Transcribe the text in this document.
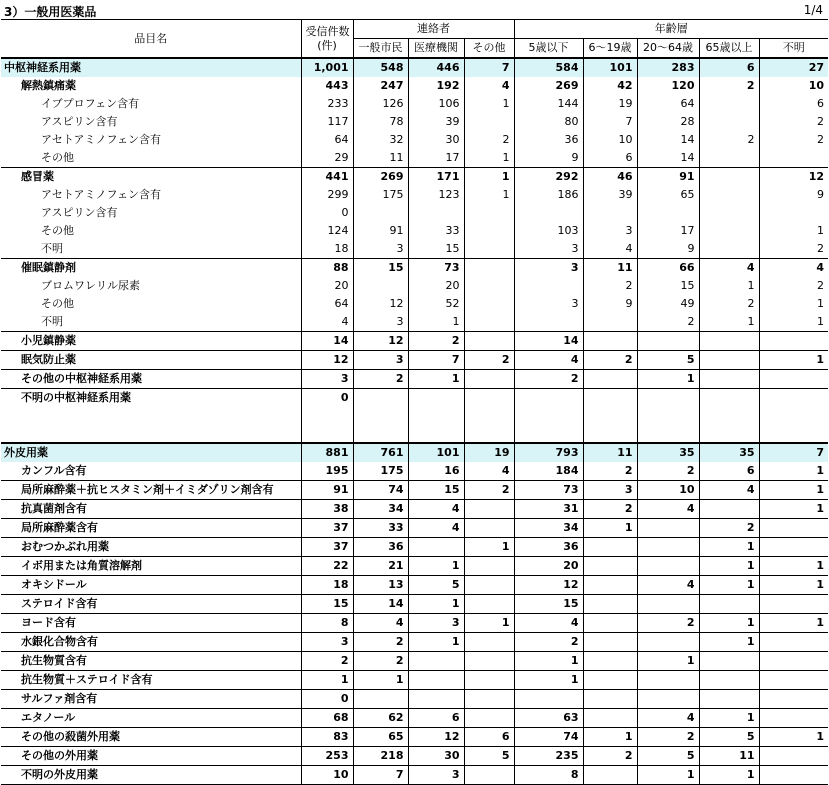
3）一般用医薬品	1/4
品目名	受信件数
(件)	連絡者			年齢層				
		一般市民	医療機関	その他	5歳以下	6～19歳	20～64歳	65歳以上	不明
中枢神経系用薬	1,001	548	446	7	584	101	283	6	27
解熱鎮痛薬	443	247	192	4	269	42	120	2	10
イブプロフェン含有	233	126	106	1	144	19	64		6
アスピリン含有	117	78	39		80	7	28		2
アセトアミノフェン含有	64	32	30	2	36	10	14	2	2
その他	29	11	17	1	9	6	14		
感冒薬	441	269	171	1	292	46	91		12
アセトアミノフェン含有	299	175	123	1	186	39	65		9
アスピリン含有	0								
その他	124	91	33		103	3	17		1
不明	18	3	15		3	4	9		2
催眠鎮静剤	88	15	73		3	11	66	4	4
ブロムワレリル尿素	20		20			2	15	1	2
その他	64	12	52		3	9	49	2	1
不明	4	3	1				2	1	1
小児鎮静薬	14	12	2		14				
眠気防止薬	12	3	7	2	4	2	5		1
その他の中枢神経系用薬	3	2	1		2		1		
不明の中枢神経系用薬	0								

外皮用薬	881	761	101	19	793	11	35	35	7
カンフル含有	195	175	16	4	184	2	2	6	1
局所麻酔薬＋抗ヒスタミン剤＋イミダゾリン剤含有	91	74	15	2	73	3	10	4	1
抗真菌剤含有	38	34	4		31	2	4		1
局所麻酔薬含有	37	33	4		34	1		2	
おむつかぶれ用薬	37	36		1	36			1	
イボ用または角質溶解剤	22	21	1		20			1	1
オキシドール	18	13	5		12		4	1	1
ステロイド含有	15	14	1		15				
ヨード含有	8	4	3	1	4		2	1	1
水銀化合物含有	3	2	1		2			1	
抗生物質含有	2	2			1		1		
抗生物質＋ステロイド含有	1	1			1				
サルファ剤含有	0								
エタノール	68	62	6		63		4	1	
その他の殺菌外用薬	83	65	12	6	74	1	2	5	1
その他の外用薬	253	218	30	5	235	2	5	11	
不明の外皮用薬	10	7	3		8		1	1	
